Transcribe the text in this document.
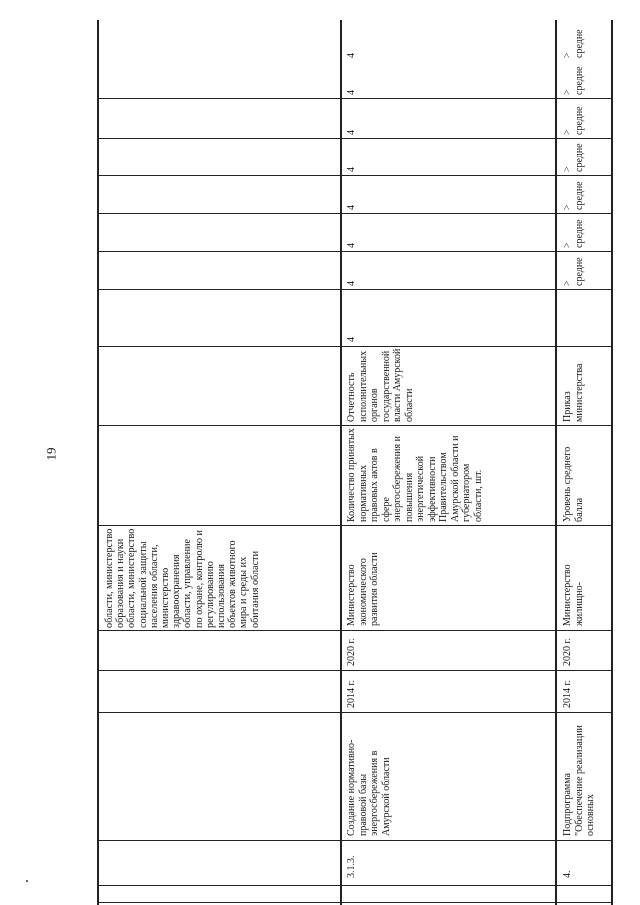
19
области, министерство образования и науки области, министерство социальной защиты населения области, министерство здравоохранения области, управление по охране, контролю и регулированию использования объектов животного мира и среды их обитания области
3.1.3.
Создание нормативно-правовой базы энергосбережения в Амурской области
2014 г.
2020 г.
Министерство экономического развития области
Количество принятых нормативных правовых актов в сфере энергосбережения и повышения энергетической эффективности Правительством Амурской области и губернатором области, шт.
Отчетность исполнительных органов государственной власти Амурской области
4
4
4
4
4
4
4
4
4.
Подпрограмма "Обеспечение реализации основных
2014 г.
2020 г.
Министерство жилищно-
Уровень среднего балла
Приказ министерства
> средне
> средне
> средне
> средне
> средне
> средне
> средне
